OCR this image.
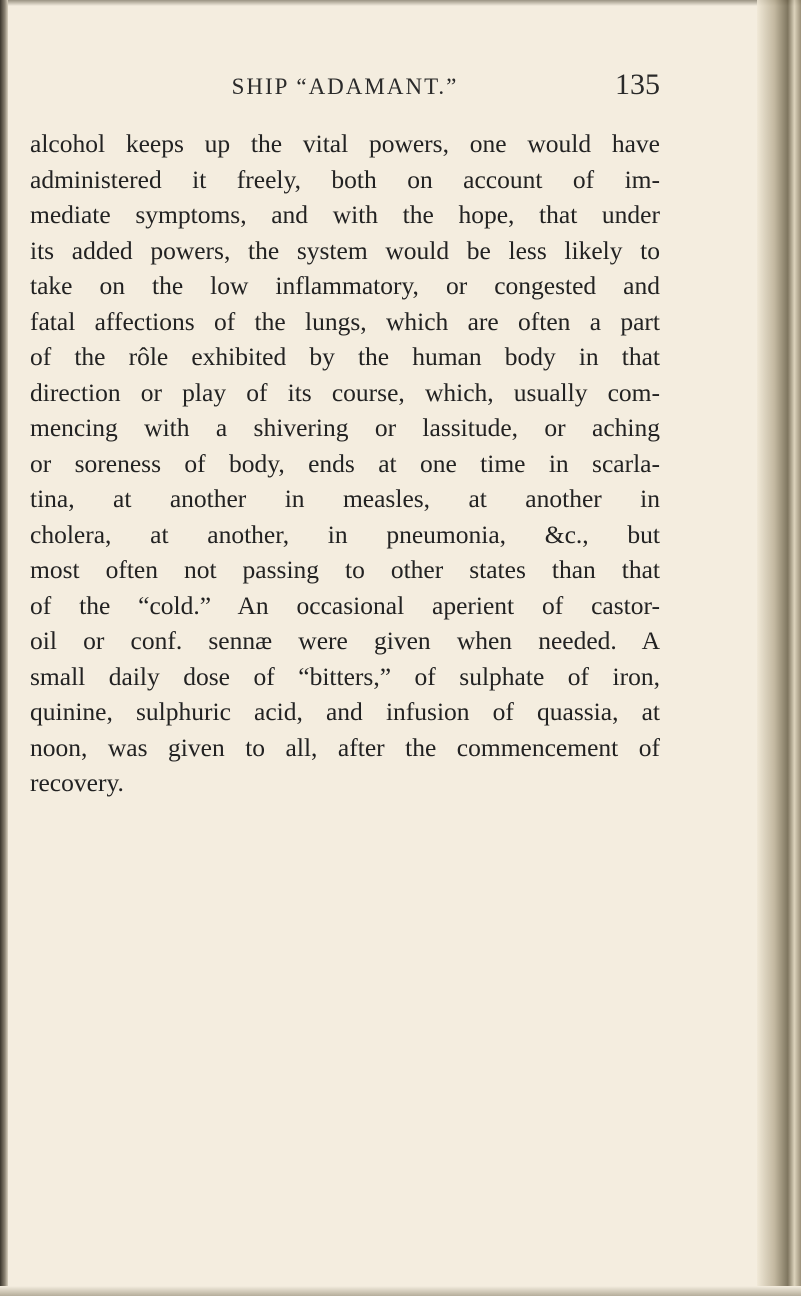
SHIP “ADAMANT.”	135
alcohol keeps up the vital powers, one would have
administered it freely, both on account of im-
mediate symptoms, and with the hope, that under
its added powers, the system would be less likely to
take on the low inflammatory, or congested and
fatal affections of the lungs, which are often a part
of the rôle exhibited by the human body in that
direction or play of its course, which, usually com-
mencing with a shivering or lassitude, or aching
or soreness of body, ends at one time in scarla-
tina, at another in measles, at another in
cholera, at another, in pneumonia, &c., but
most often not passing to other states than that
of the “cold.” An occasional aperient of castor-
oil or conf. sennæ were given when needed. A
small daily dose of “bitters,” of sulphate of iron,
quinine, sulphuric acid, and infusion of quassia, at
noon, was given to all, after the commencement of
recovery.
